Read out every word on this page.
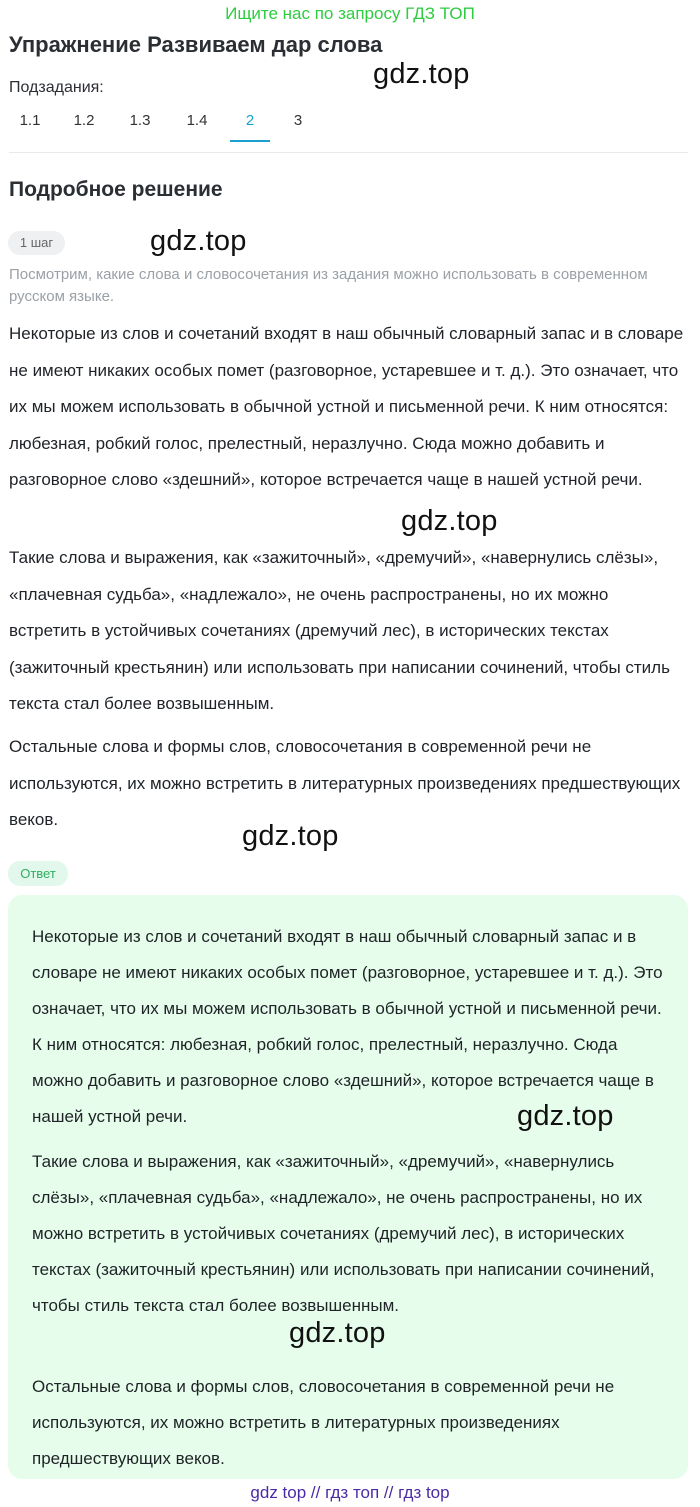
Ищите нас по запросу ГДЗ ТОП
Упражнение Развиваем дар слова
gdz.top
Подзадания:
1.1	1.2	1.3	1.4	2	3
Подробное решение
1 шаг	gdz.top
Посмотрим, какие слова и словосочетания из задания можно использовать в современном русском языке.
Некоторые из слов и сочетаний входят в наш обычный словарный запас и в словаре не имеют никаких особых помет (разговорное, устаревшее и т. д.). Это означает, что их мы можем использовать в обычной устной и письменной речи. К ним относятся: любезная, робкий голос, прелестный, неразлучно. Сюда можно добавить и разговорное слово «здешний», которое встречается чаще в нашей устной речи.
gdz.top
Такие слова и выражения, как «зажиточный», «дремучий», «навернулись слёзы», «плачевная судьба», «надлежало», не очень распространены, но их можно встретить в устойчивых сочетаниях (дремучий лес), в исторических текстах (зажиточный крестьянин) или использовать при написании сочинений, чтобы стиль текста стал более возвышенным.
Остальные слова и формы слов, словосочетания в современной речи не используются, их можно встретить в литературных произведениях предшествующих веков.
gdz.top
Ответ
Некоторые из слов и сочетаний входят в наш обычный словарный запас и в словаре не имеют никаких особых помет (разговорное, устаревшее и т. д.). Это означает, что их мы можем использовать в обычной устной и письменной речи. К ним относятся: любезная, робкий голос, прелестный, неразлучно. Сюда можно добавить и разговорное слово «здешний», которое встречается чаще в нашей устной речи.	gdz.top
Такие слова и выражения, как «зажиточный», «дремучий», «навернулись слёзы», «плачевная судьба», «надлежало», не очень распространены, но их можно встретить в устойчивых сочетаниях (дремучий лес), в исторических текстах (зажиточный крестьянин) или использовать при написании сочинений, чтобы стиль текста стал более возвышенным.
gdz.top
Остальные слова и формы слов, словосочетания в современной речи не используются, их можно встретить в литературных произведениях предшествующих веков.
gdz top // гдз топ // гдз top
